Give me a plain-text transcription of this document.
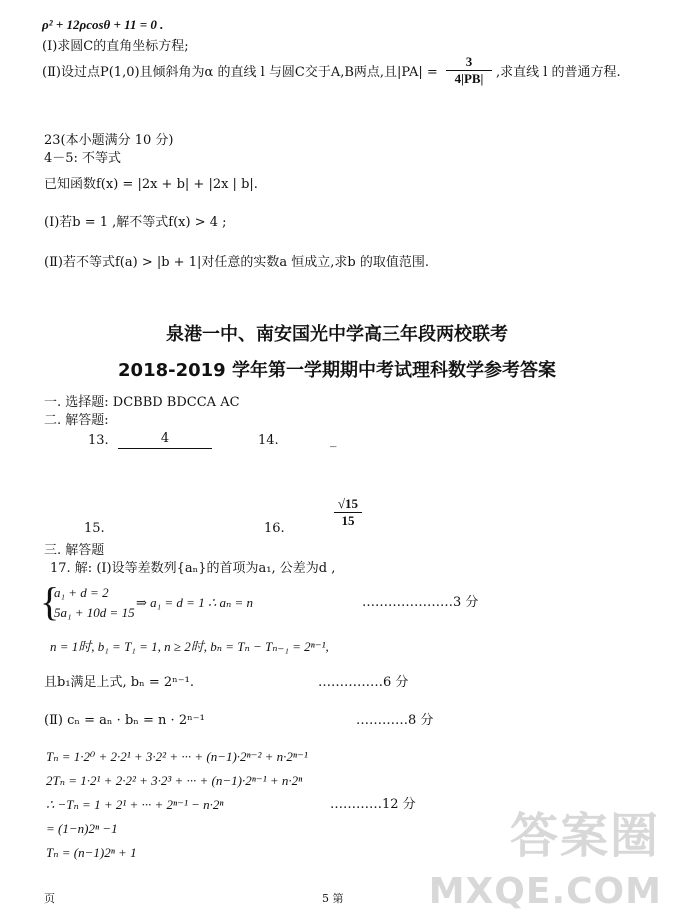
ρ² + 12ρcosθ + 11 = 0 .
(Ⅰ)求圆C的直角坐标方程;
(Ⅱ)设过点P(1,0)且倾斜角为α 的直线 l 与圆C交于A,B两点,且$|PA| = \frac{3}{4|PB|}$ ,求直线 l 的普通方程.
23(本小题满分 10 分)
4－5: 不等式
已知函数f(x) = |2x + b| + |2x | b|.
(Ⅰ)若b = 1 ,解不等式f(x) > 4 ;
(Ⅱ)若不等式f(a) > |b + 1|对任意的实数a 恒成立,求b 的取值范围.
泉港一中、南安国光中学高三年段两校联考
2018-2019 学年第一学期期中考试理科数学参考答案
一. 选择题: DCBBD BDCCA AC
二. 解答题:
13.	4	14.	_
15.	16.	$\frac{√15}{15}$
三. 解答题
17. 解: (Ⅰ)设等差数列{aₙ}的首项为a₁, 公差为d ,
{
a₁ + d = 2
5a₁ + 10d = 15
⇒ a₁ = d = 1 ∴ aₙ = n	…………………3 分
n = 1时, b₁ = T₁ = 1, n ≥ 2时, bₙ = Tₙ − Tₙ₋₁ = 2ⁿ⁻¹,
且b₁满足上式, bₙ = 2ⁿ⁻¹.	……………6 分
(Ⅱ) cₙ = aₙ · bₙ = n · 2ⁿ⁻¹	…………8 分
Tₙ = 1·2⁰ + 2·2¹ + 3·2² + ··· + (n−1)·2ⁿ⁻² + n·2ⁿ⁻¹
2Tₙ = 1·2¹ + 2·2² + 3·2³ + ··· + (n−1)·2ⁿ⁻¹ + n·2ⁿ
∴ −Tₙ = 1 + 2¹ + ··· + 2ⁿ⁻¹ − n·2ⁿ	…………12 分
= (1−n)2ⁿ −1
Tₙ = (n−1)2ⁿ + 1
页	5 第
答案圈
MXQE.COM
